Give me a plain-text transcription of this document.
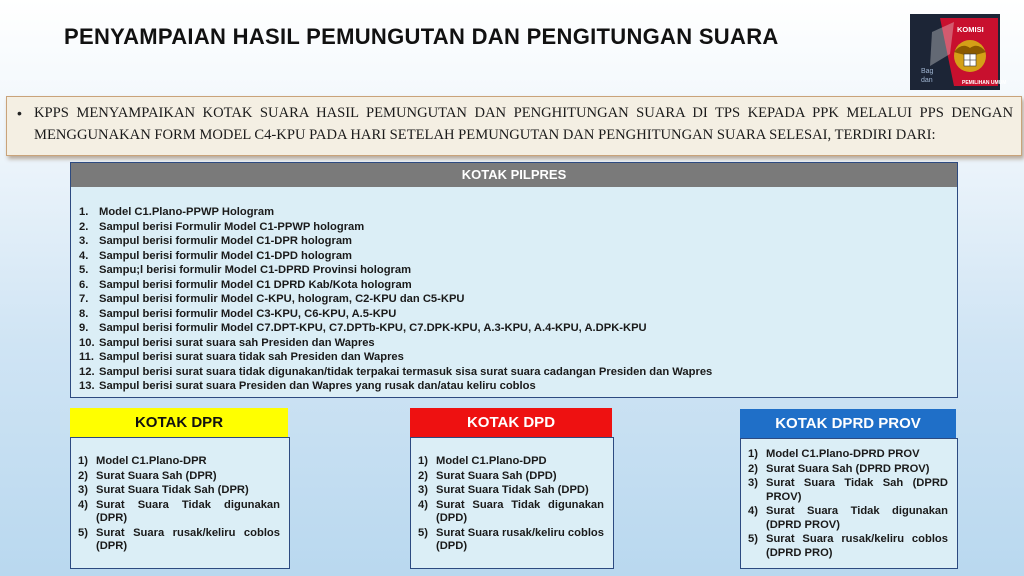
PENYAMPAIAN HASIL PEMUNGUTAN DAN PENGITUNGAN SUARA	KOMISI
PEMILIHAN UMUM
Bag
dan
• KPPS MENYAMPAIKAN KOTAK SUARA HASIL PEMUNGUTAN DAN PENGHITUNGAN SUARA DI TPS KEPADA PPK MELALUI PPS DENGAN MENGGUNAKAN FORM MODEL C4-KPU PADA HARI SETELAH PEMUNGUTAN DAN PENGHITUNGAN SUARA SELESAI, TERDIRI DARI:
KOTAK PILPRES
1. Model C1.Plano-PPWP Hologram
2. Sampul berisi Formulir Model C1-PPWP hologram
3. Sampul berisi formulir Model C1-DPR hologram
4. Sampul berisi formulir Model C1-DPD hologram
5. Sampu;l berisi formulir Model C1-DPRD Provinsi hologram
6. Sampul berisi formulir Model C1 DPRD Kab/Kota hologram
7. Sampul berisi formulir Model C-KPU, hologram, C2-KPU dan C5-KPU
8. Sampul berisi formulir Model C3-KPU, C6-KPU, A.5-KPU
9. Sampul berisi formulir Model C7.DPT-KPU, C7.DPTb-KPU, C7.DPK-KPU, A.3-KPU, A.4-KPU, A.DPK-KPU
10. Sampul berisi surat suara sah Presiden dan Wapres
11. Sampul berisi surat suara tidak sah Presiden dan Wapres
12. Sampul berisi surat suara tidak digunakan/tidak terpakai termasuk sisa surat suara cadangan Presiden dan Wapres
13. Sampul berisi surat suara Presiden dan Wapres yang rusak dan/atau keliru coblos
1) Model C1.Plano-DPR
2) Surat Suara Sah (DPR)
3) Surat Suara Tidak Sah (DPR)
4) Surat Suara Tidak digunakan (DPR)
5) Surat Suara rusak/keliru coblos (DPR)
KOTAK DPR
1) Model C1.Plano-DPD
2) Surat Suara Sah (DPD)
3) Surat Suara Tidak Sah (DPD)
4) Surat Suara Tidak digunakan (DPD)
5) Surat Suara rusak/keliru coblos (DPD)
KOTAK DPD
1) Model C1.Plano-DPRD PROV
2) Surat Suara Sah (DPRD PROV)
3) Surat Suara Tidak Sah (DPRD PROV)
4) Surat Suara Tidak digunakan (DPRD PROV)
5) Surat Suara rusak/keliru coblos (DPRD PRO)
KOTAK DPRD PROV
